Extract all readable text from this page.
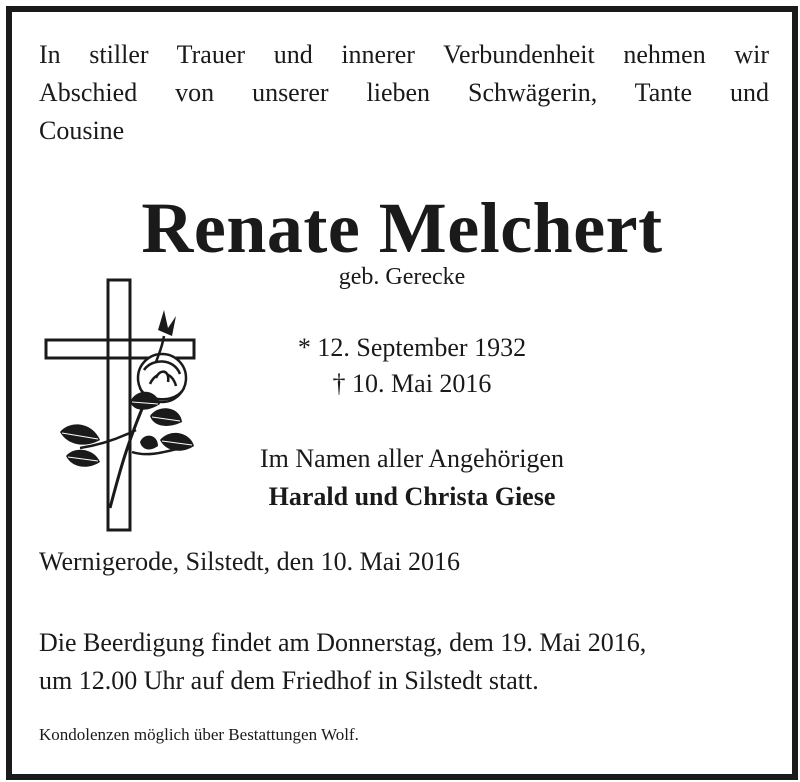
In stiller Trauer und innerer Verbundenheit nehmen wir
Abschied von unserer lieben Schwägerin, Tante und
Cousine
Renate Melchert
geb. Gerecke
* 12. September 1932
† 10. Mai 2016
Im Namen aller Angehörigen
Harald und Christa Giese
Wernigerode, Silstedt, den 10. Mai 2016
Die Beerdigung findet am Donnerstag, dem 19. Mai 2016,
um 12.00 Uhr auf dem Friedhof in Silstedt statt.
Kondolenzen möglich über Bestattungen Wolf.
